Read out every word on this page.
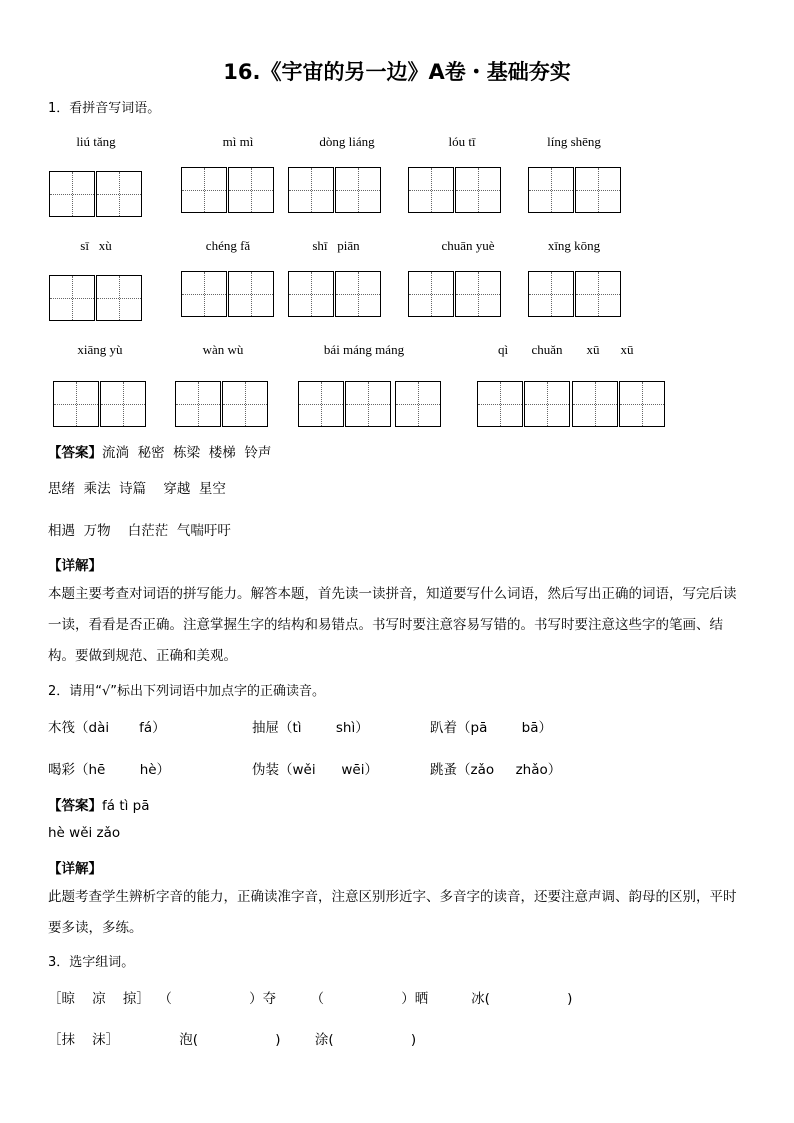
16.《宇宙的另一边》A卷・基础夯实
1．看拼音写词语。
liú tǎng	mì mì	dòng liáng	lóu tī	líng shēng
sī   xù	chéng fǎ	shī   piān	chuān yuè	xīng kōng
xiāng yù	wàn wù	bái máng máng	qì	chuǎn	xū	xū
【答案】流淌  秘密  栋梁  楼梯  铃声
思绪  乘法  诗篇    穿越  星空
相遇  万物    白茫茫  气喘吁吁
【详解】
本题主要考查对词语的拼写能力。解答本题，首先读一读拼音，知道要写什么词语，然后写出正确的词语，写完后读一读，看看是否正确。注意掌握生字的结构和易错点。书写时要注意容易写错的。书写时要注意这些字的笔画、结构。要做到规范、正确和美观。
2．请用“√”标出下列词语中加点字的正确读音。
木筏（dài       fá）	抽屉（tì        shì）	趴着（pā        bā）
喝彩（hē        hè）	伪装（wěi      wēi）	跳蚤（zǎo     zhǎo）
【答案】fá tì pā
hè wěi zǎo
【详解】
此题考查学生辨析字音的能力，正确读准字音，注意区别形近字、多音字的读音，还要注意声调、韵母的区别，平时要多读，多练。
3．选字组词。
［晾    凉    掠］  （                  ）夺        （                  ）晒          冰(                  )
［抹    沫］              泡(                  )        涂(                  )
